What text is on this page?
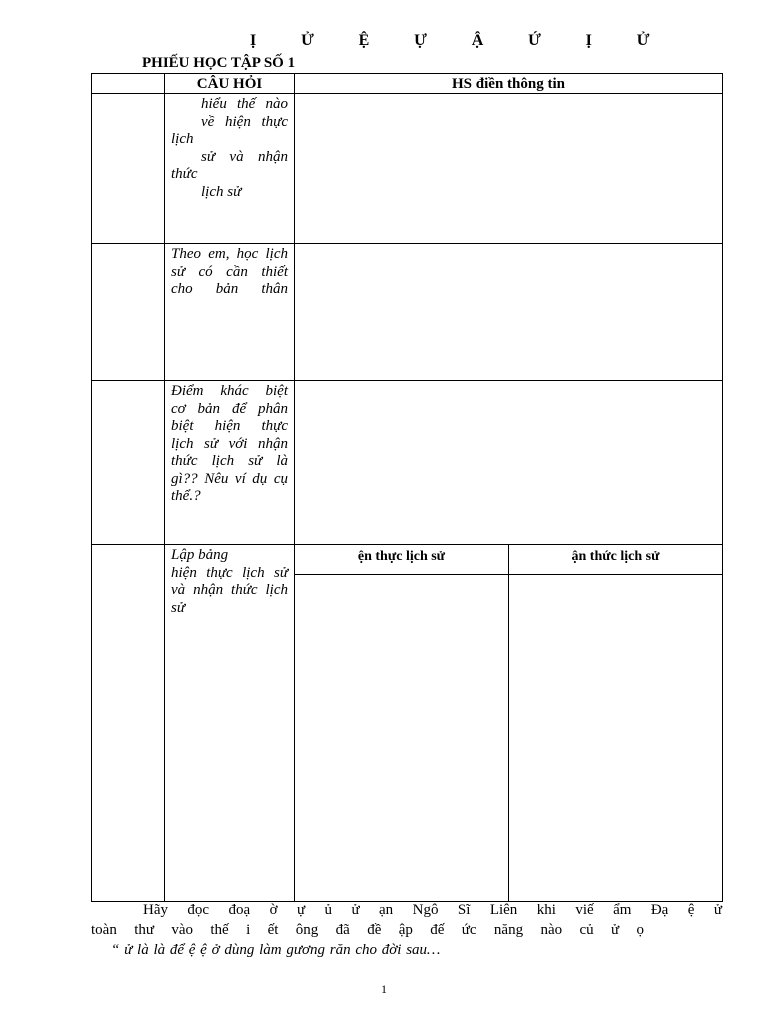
Ị	Ử	Ệ	Ự	Ậ	Ứ	Ị	Ử
PHIẾU HỌC TẬP SỐ 1
	CÂU HỎI	HS điền thông tin

hiểu thế nào
về hiện thực lịch
sử và nhận thức
lịch sử

Theo em, học lịch
sử có cần thiết
cho bản thân

Điểm khác biệt
cơ bản để phân
biệt hiện thực
lịch sử với nhận
thức lịch sử là
gì?? Nêu ví dụ cụ
thể.?

Lập bảng
hiện thực lịch sử
và nhận thức lịch
sử

ện thực lịch sử	ận thức lịch sử

Hãy đọc đoạ ờ ự ủ ử ạn Ngô Sĩ Liên khi viế ẩm Đạ ệ ử
toàn thư vào thế i ết ông đã đề ập đế ức năng nào củ ử ọ
“ ử là là để ệ ệ ở dùng làm gương răn cho đời sau…
1
